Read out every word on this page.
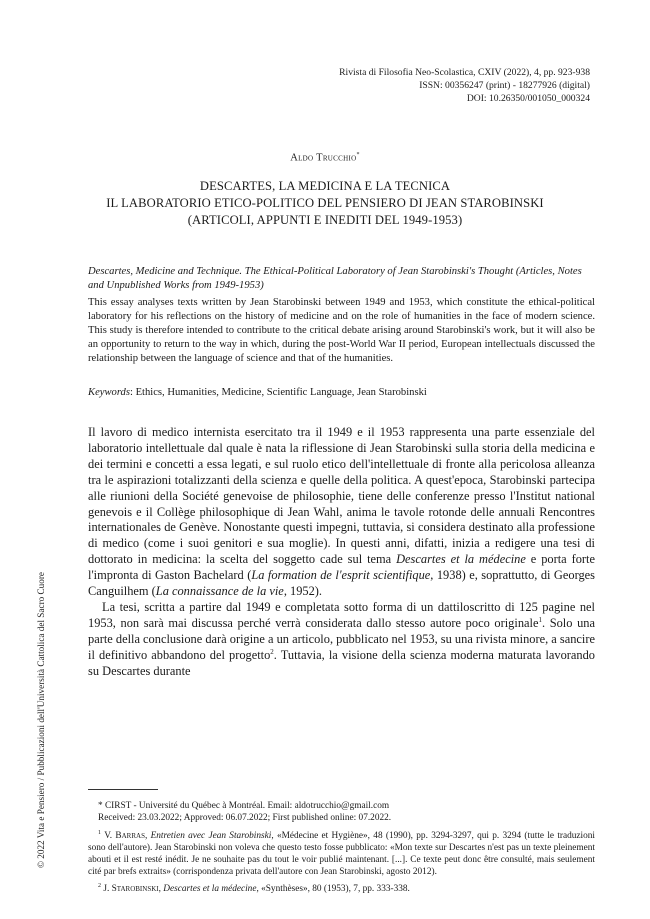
Rivista di Filosofia Neo-Scolastica, CXIV (2022), 4, pp. 923-938
ISSN: 00356247 (print) - 18277926 (digital)
DOI: 10.26350/001050_000324
Aldo Trucchio*
DESCARTES, LA MEDICINA E LA TECNICA
IL LABORATORIO ETICO-POLITICO DEL PENSIERO DI JEAN STAROBINSKI
(ARTICOLI, APPUNTI E INEDITI DEL 1949-1953)
Descartes, Medicine and Technique. The Ethical-Political Laboratory of Jean Starobinski's Thought (Articles, Notes and Unpublished Works from 1949-1953)
This essay analyses texts written by Jean Starobinski between 1949 and 1953, which constitute the ethical-political laboratory for his reflections on the history of medicine and on the role of humanities in the face of modern science. This study is therefore intended to contribute to the critical debate arising around Starobinski's work, but it will also be an opportunity to return to the way in which, during the post-World War II period, European intellectuals discussed the relationship between the language of science and that of the humanities.
Keywords: Ethics, Humanities, Medicine, Scientific Language, Jean Starobinski

Il lavoro di medico internista esercitato tra il 1949 e il 1953 rappresenta una parte essenziale del laboratorio intellettuale dal quale è nata la riflessione di Jean Starobinski sulla storia della medicina e dei termini e concetti a essa legati, e sul ruolo etico dell'intellettuale di fronte alla pericolosa alleanza tra le aspirazioni totalizzanti della scienza e quelle della politica. A quest'epoca, Starobinski partecipa alle riunioni della Société genevoise de philosophie, tiene delle conferenze presso l'Institut national genevois e il Collège philosophique di Jean Wahl, anima le tavole rotonde delle annuali Rencontres internationales de Genève. Nonostante questi impegni, tuttavia, si considera destinato alla professione di medico (come i suoi genitori e sua moglie). In questi anni, difatti, inizia a redigere una tesi di dottorato in medicina: la scelta del soggetto cade sul tema Descartes et la médecine e porta forte l'impronta di Gaston Bachelard (La formation de l'esprit scientifique, 1938) e, soprattutto, di Georges Canguilhem (La connaissance de la vie, 1952).

La tesi, scritta a partire dal 1949 e completata sotto forma di un dattiloscritto di 125 pagine nel 1953, non sarà mai discussa perché verrà considerata dallo stesso autore poco originale$^1$. Solo una parte della conclusione darà origine a un articolo, pubblicato nel 1953, su una rivista minore, a sancire il definitivo abbandono del progetto$^2$. Tuttavia, la visione della scienza moderna maturata lavorando su Descartes durante

* CIRST - Université du Québec à Montréal. Email: aldotrucchio@gmail.com
Received: 23.03.2022; Approved: 06.07.2022; First published online: 07.2022.

$^1$ V. Barras, Entretien avec Jean Starobinski, «Médecine et Hygiène», 48 (1990), pp. 3294-3297, qui p. 3294 (tutte le traduzioni sono dell'autore). Jean Starobinski non voleva che questo testo fosse pubblicato: «Mon texte sur Descartes n'est pas un texte pleinement abouti et il est resté inédit. Je ne souhaite pas du tout le voir publié maintenant. [...]. Ce texte peut donc être consulté, mais seulement cité par brefs extraits» (corrispondenza privata dell'autore con Jean Starobinski, agosto 2012).

$^2$ J. Starobinski, Descartes et la médecine, «Synthèses», 80 (1953), 7, pp. 333-338.

© 2022 Vita e Pensiero / Pubblicazioni dell'Università Cattolica del Sacro Cuore
